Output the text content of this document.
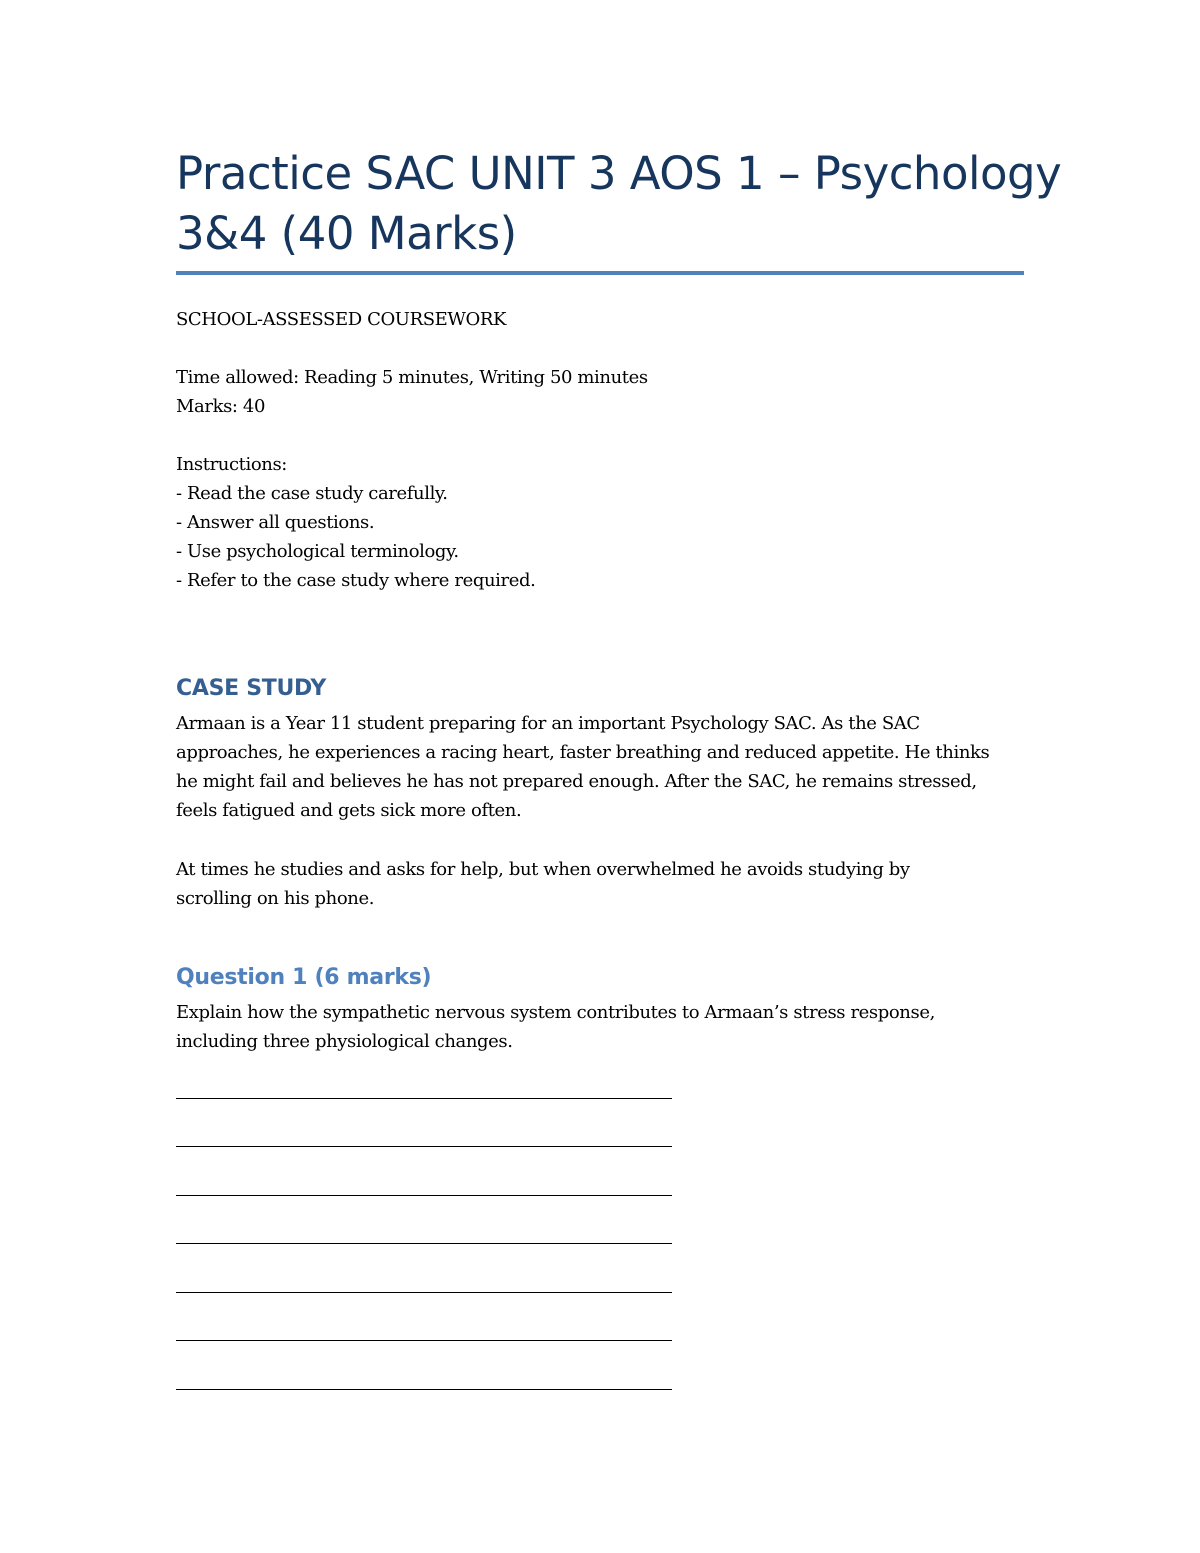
Practice SAC UNIT 3 AOS 1 – Psychology
3&4 (40 Marks)

SCHOOL-ASSESSED COURSEWORK

Time allowed: Reading 5 minutes, Writing 50 minutes
Marks: 40
Instructions:
- Read the case study carefully.
- Answer all questions.
- Use psychological terminology.
- Refer to the case study where required.
CASE STUDY
Armaan is a Year 11 student preparing for an important Psychology SAC. As the SAC
approaches, he experiences a racing heart, faster breathing and reduced appetite. He thinks
he might fail and believes he has not prepared enough. After the SAC, he remains stressed,
feels fatigued and gets sick more often.
At times he studies and asks for help, but when overwhelmed he avoids studying by
scrolling on his phone.
Question 1 (6 marks)
Explain how the sympathetic nervous system contributes to Armaan’s stress response,
including three physiological changes.
